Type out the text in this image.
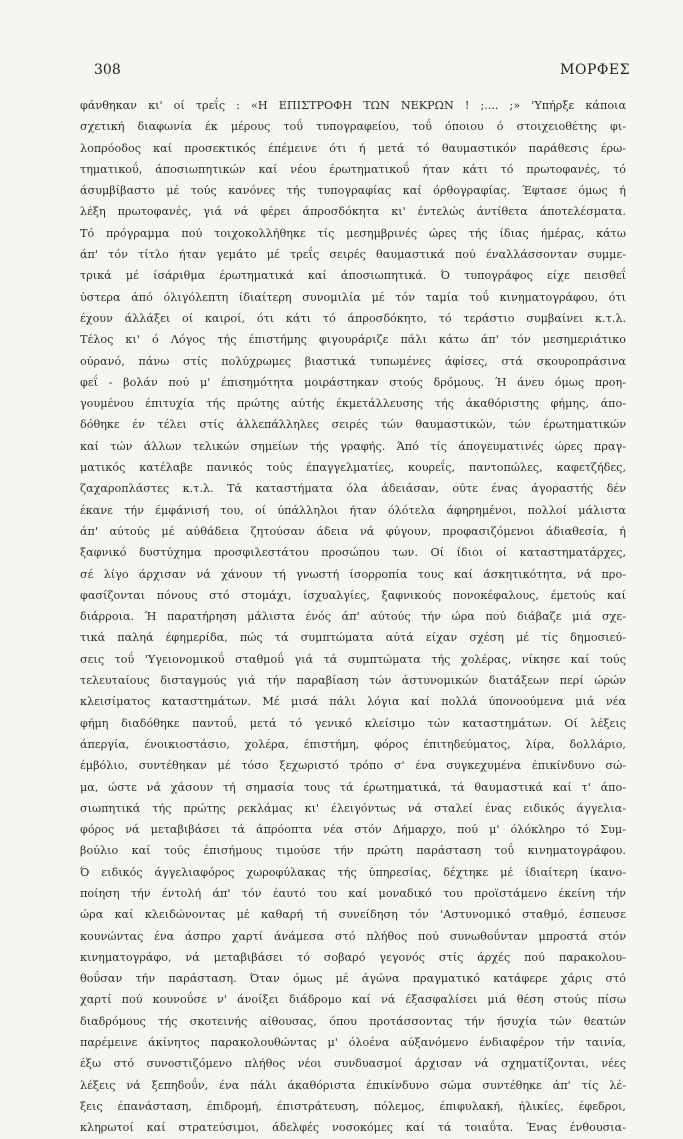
308	ΜΟΡΦΕΣ
φάνθηκαν κι' οί τρεΐς : «Η ΕΠΙΣΤΡΟΦΗ ΤΩΝ ΝΕΚΡΩΝ ! ;.... ;» 'Υπήρξε κάποια
σχετική διαφωνία έκ μέρους τοΰ τυπογραφείου, τοΰ όποιου ό στοιχειοθέτης φι-
λοπρόοδος καί προσεκτικός έπέμεινε ότι ή μετά τό θαυμαστικόν παράθεσις έρω-
τηματικοΰ, άποσιωπητικών καί νέου έρωτηματικοΰ ήταν κάτι τό πρωτοφανές, τό
άσυμβίβαστο μέ τούς κανόνες τής τυπογραφίας καί όρθογραφίας. Έφτασε όμως ή
λέξη πρωτοφανές, γιά νά φέρει άπροσδόκητα κι' έντελώς άντίθετα άποτελέσματα.
Τό πρόγραμμα πού τοιχοκολλήθηκε τίς μεσημβρινές ώρες τής ίδιας ήμέρας, κάτω
άπ' τόν τίτλο ήταν γεμάτο μέ τρεΐς σειρές θαυμαστικά πού έναλλάσσονταν συμμε-
τρικά μέ ίσάριθμα έρωτηματικά καί άποσιωπητικά. Ό τυπογράφος είχε πεισθεΐ
ύστερα άπό όλιγόλεπτη ίδιαίτερη συνομιλία μέ τόν ταμία τοΰ κινηματογράφου, ότι
έχουν άλλάξει οί καιροί, ότι κάτι τό άπροσδόκητο, τό τεράστιο συμβαίνει κ.τ.λ.
Τέλος κι' ό Λόγος τής έπιστήμης φιγουράριζε πάλι κάτω άπ' τόν μεσημεριάτικο
ούρανό, πάνω στίς πολύχρωμες βιαστικά τυπωμένες άφίσες, στά σκουροπράσινα
φεΐ - βολάν πού μ' έπισημότητα μοιράστηκαν στούς δρόμους. Ή άνευ όμως προη-
γουμένου έπιτυχία τής πρώτης αύτής έκμετάλλευσης τής άκαθόριστης φήμης, άπο-
δόθηκε έν τέλει στίς άλλεπάλληλες σειρές τών θαυμαστικών, τών έρωτηματικών
καί τών άλλων τελικών σημείων τής γραφής. Άπό τίς άπογευματινές ώρες πραγ-
ματικός κατέλαβε πανικός τούς έπαγγελματίες, κουρεΐς, παντοπώλες, καφετζήδες,
ζαχαροπλάστες κ.τ.λ. Τά καταστήματα όλα άδειάσαν, ούτε ένας άγοραστής δέν
έκανε τήν έμφάνισή του, οί ύπάλληλοι ήταν όλότελα άφηρημένοι, πολλοί μάλιστα
άπ' αύτούς μέ αύθάδεια ζητούσαν άδεια νά φύγουν, προφασιζόμενοι άδιαθεσία, ή
ξαφνικό δυστύχημα προσφιλεστάτου προσώπου των. Οί ίδιοι οί καταστηματάρχες,
σέ λίγο άρχισαν νά χάνουν τή γνωστή ίσορροπία τους καί άσκητικότητα, νά προ-
φασίζονται πόνους στό στομάχι, ίσχυαλγίες, ξαφνικούς πονοκέφαλους, έμετούς καί
διάρροια. Ή παρατήρηση μάλιστα ένός άπ' αύτούς τήν ώρα πού διάβαζε μιά σχε-
τικά παληά έφημερίδα, πώς τά συμπτώματα αύτά είχαν σχέση μέ τίς δημοσιεύ-
σεις τοΰ 'Υγειονομικοΰ σταθμοΰ γιά τά συμπτώματα τής χολέρας, νίκησε καί τούς
τελευταίους δισταγμούς γιά τήν παραβίαση τών άστυνομικών διατάξεων περί ώρών
κλεισίματος καταστημάτων. Μέ μισά πάλι λόγια καί πολλά ύπονοούμενα μιά νέα
φήμη διαδόθηκε παντοΰ, μετά τό γενικό κλείσιμο τών καταστημάτων. Οί λέξεις
άπεργία, ένοικιοστάσιο, χολέρα, έπιστήμη, φόρος έπιτηδεύματος, λίρα, δολλάριο,
έμβόλιο, συντέθηκαν μέ τόσο ξεχωριστό τρόπο σ' ένα συγκεχυμένα έπικίνδυνο σώ-
μα, ώστε νά χάσουν τή σημασία τους τά έρωτηματικά, τά θαυμαστικά καί τ' άπο-
σιωπητικά τής πρώτης ρεκλάμας κι' έλειγόντως νά σταλεί ένας ειδικός άγγελια-
φόρος νά μεταβιβάσει τά άπρόοπτα νέα στόν Δήμαρχο, πού μ' όλόκληρο τό Συμ-
βούλιο καί τούς έπισήμους τιμούσε τήν πρώτη παράσταση τοΰ κινηματογράφου.
Ό ειδικός άγγελιαφόρος χωροφύλακας τής ύπηρεσίας, δέχτηκε μέ ίδιαίτερη ίκανο-
ποίηση τήν έντολή άπ' τόν έαυτό του καί μοναδικό του προϊστάμενο έκείνη τήν
ώρα καί κλειδώνοντας μέ καθαρή τή συνείδηση τόν 'Αστυνομικό σταθμό, έσπευσε
κουνώντας ένα άσπρο χαρτί άνάμεσα στό πλήθος πού συνωθοΰνταν μπροστά στόν
κινηματογράφο, νά μεταβιβάσει τό σοβαρό γεγονός στίς άρχές πού παρακολου-
θοΰσαν τήν παράσταση. Όταν όμως μέ άγώνα πραγματικό κατάφερε χάρις στό
χαρτί πού κουνοΰσε ν' άνοίξει διάδρομο καί νά έξασφαλίσει μιά θέση στούς πίσω
διαδρόμους τής σκοτεινής αίθουσας, όπου προτάσσοντας τήν ήσυχία τών θεατών
παρέμεινε άκίνητος παρακολουθώντας μ' όλοένα αύξανόμενο ένδιαφέρον τήν ταινία,
έξω στό συνοστιζόμενο πλήθος νέοι συνδυασμοί άρχισαν νά σχηματίζονται, νέες
λέξεις νά ξεπηδοΰν, ένα πάλι άκαθόριστα έπικίνδυνο σώμα συντέθηκε άπ' τίς λέ-
ξεις έπανάσταση, έπιδρομή, έπιστράτευση, πόλεμος, έπιφυλακή, ήλικίες, έφεδροι,
κληρωτοί καί στρατεύσιμοι, άδελφές νοσοκόμες καί τά τοιαΰτα. Ένας ένθουσια-
